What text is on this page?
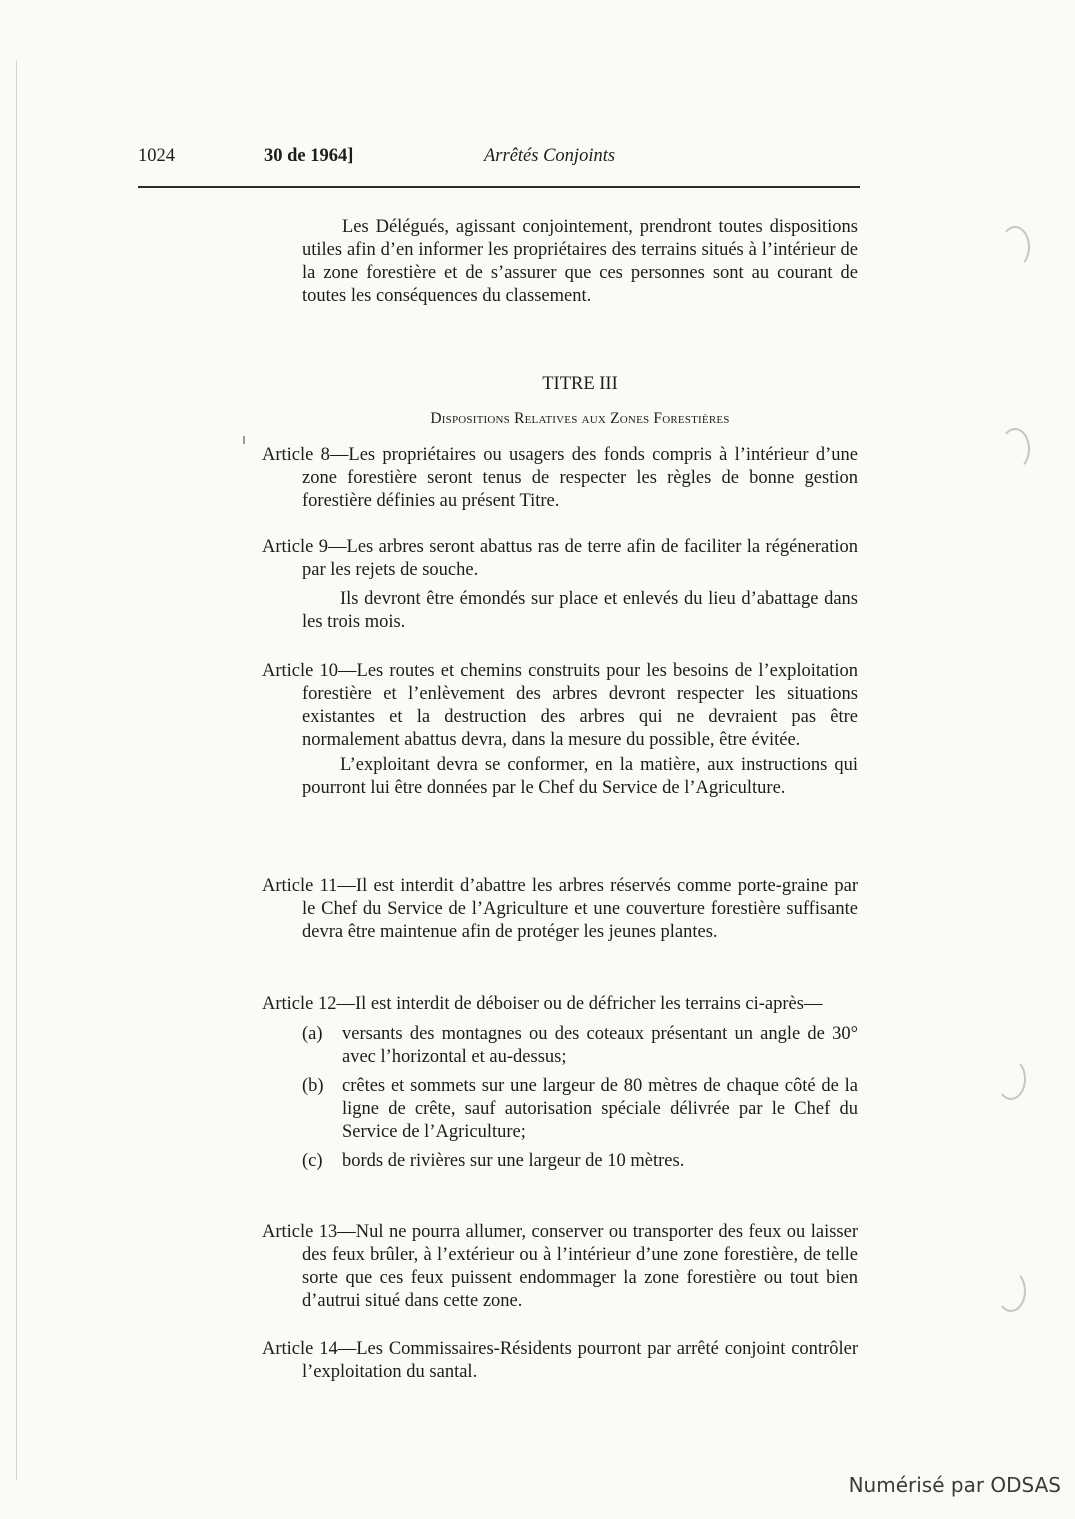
1024	30 de 1964]	Arrêtés Conjoints

Les Délégués, agissant conjointement, prendront toutes dispositions utiles afin d’en informer les propriétaires des terrains situés à l’intérieur de la zone forestière et de s’assurer que ces personnes sont au courant de toutes les conséquences du classement.

TITRE III
Dispositions Relatives aux Zones Forestières

Article 8—Les propriétaires ou usagers des fonds compris à l’intérieur d’une zone forestière seront tenus de respecter les règles de bonne gestion forestière définies au présent Titre.

Article 9—Les arbres seront abattus ras de terre afin de faciliter la régéneration par les rejets de souche.

Ils devront être émondés sur place et enlevés du lieu d’abattage dans les trois mois.

Article 10—Les routes et chemins construits pour les besoins de l’exploitation forestière et l’enlèvement des arbres devront respecter les situations existantes et la destruction des arbres qui ne devraient pas être normalement abattus devra, dans la mesure du possible, être évitée.

L’exploitant devra se conformer, en la matière, aux instructions qui pourront lui être données par le Chef du Service de l’Agriculture.

Article 11—Il est interdit d’abattre les arbres réservés comme porte-graine par le Chef du Service de l’Agriculture et une couverture forestière suffisante devra être maintenue afin de protéger les jeunes plantes.

Article 12—Il est interdit de déboiser ou de défricher les terrains ci-après—

(a)	versants des montagnes ou des coteaux présentant un angle de 30° avec l’horizontal et au-dessus;
(b) crêtes et sommets sur une largeur de 80 mètres de chaque côté de la ligne de crête, sauf autorisation spéciale délivrée par le Chef du Service de l’Agriculture;
(c)	bords de rivières sur une largeur de 10 mètres.

Article 13—Nul ne pourra allumer, conserver ou transporter des feux ou laisser des feux brûler, à l’extérieur ou à l’intérieur d’une zone forestière, de telle sorte que ces feux puissent endommager la zone forestière ou tout bien d’autrui situé dans cette zone.

Article 14—Les Commissaires-Résidents pourront par arrêté conjoint contrôler l’exploitation du santal.

Numérisé par ODSAS
